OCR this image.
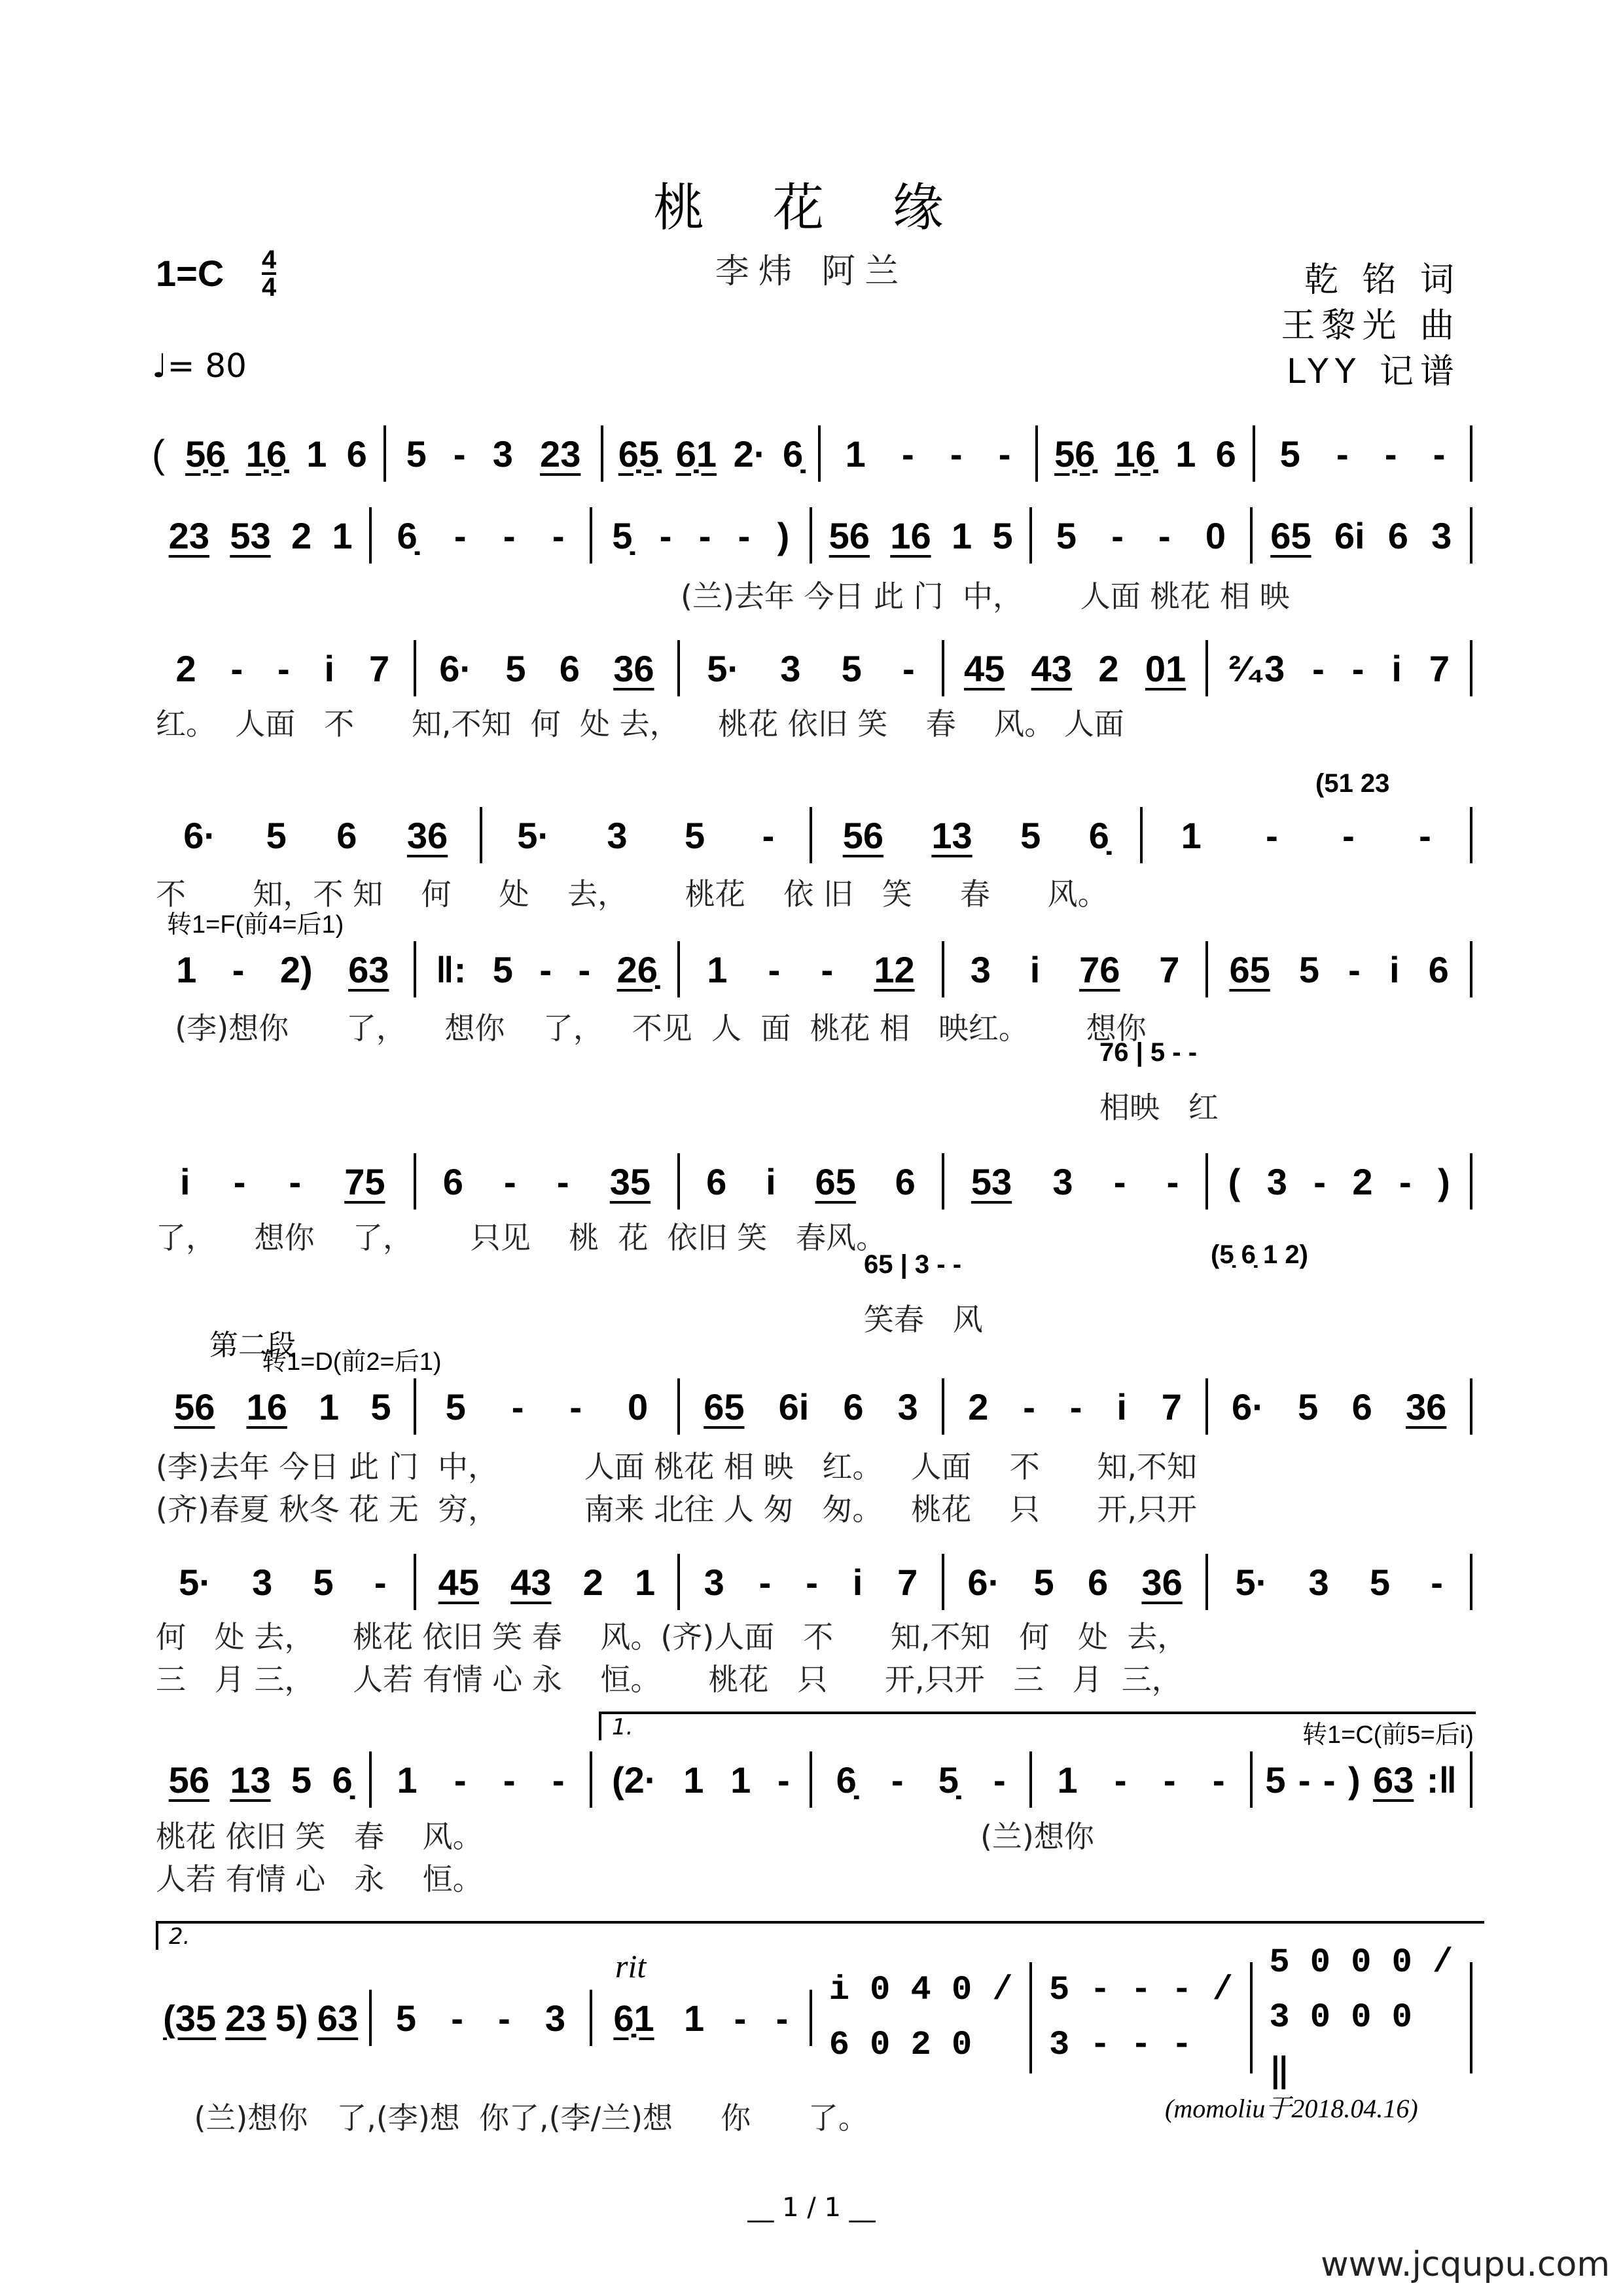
桃 花 缘
李炜 阿兰
1=C 4
4
♩= 80
乾 铭 词
王黎光 曲
LYY 记谱
( 5̣6̣ 1̣6̣ 1 6 5 - 3 23 6̣5̣ 6̣1 2· 6̣ 1 - - - 5̣6̣ 1̣6̣ 1 6 5 - - -
23 53 2 1 6̣ - - - 5̣ - - - ) 56 16 1 5 5 - - 0 65 6i 6 3
(兰)去年 今日 此 门  中，      人面 桃花 相 映
2 - - i 7 6· 5 6 36 5· 3 5 - 45 43 2 01 ²⁄₄3 - - i 7
红。  人面   不      知,不知  何  处 去，    桃花 依旧 笑    春    风。 人面
6· 5 6 36 5· 3 5 - 56 13 5 6̣ 1 - - -
不       知，不 知    何     处    去，      桃花    依 旧   笑     春      风。
(51 23
1 - 2) 63 ‖: 5 - - 26̣ 1 - - 12 3 i 76 7 65 5 - i 6
(李)想你      了，    想你    了，   不见  人  面  桃花 相   映红。      想你
转1=F(前4=后1)
76 | 5 - -
相映   红
i - - 75 6 - - 35 6 i 65 6 53 3 - - ( 3 - 2 - )
了，    想你    了，      只见    桃  花  依旧 笑   春风。
65 | 3 - -
笑春   风
(5̣ 6̣ 1 2)
56 16 1 5 5 - - 0 65 6i 6 3 2 - - i 7 6· 5 6 36
(李)去年 今日 此 门  中，         人面 桃花 相 映   红。   人面    不      知,不知
(齐)春夏 秋冬 花 无  穷，         南来 北往 人 匆   匆。   桃花    只      开,只开
转1=D(前2=后1)
第二段
5· 3 5 - 45 43 2 1 3 - - i 7 6· 5 6 36 5· 3 5 -
何   处 去，    桃花 依旧 笑 春    风。(齐)人面   不      知,不知   何   处  去，
三   月 三，    人若 有情 心 永    恒。     桃花   只      开,只开   三   月  三，
56 13 5 6̣ 1 - - - (2· 1 1 - 6̣ - 5̣ - 1 - - - 5 - - ) 63 :‖
桃花 依旧 笑   春    风。                                                    (兰)想你
人若 有情 心   永    恒。
转1=C(前5=后i)
1.
(35 23 5) 63 5 - - 3 6̣1 1 - -
i 0 4 0 / 6 0 2 0
5 - - - / 3 - - -
5 0 0 0 / 3 0 0 0 ‖
(兰)想你   了,(李)想  你了,(李/兰)想     你      了。
2.
rit
(momoliu于2018.04.16)
__ 1 / 1 __
www.jcqupu.com
